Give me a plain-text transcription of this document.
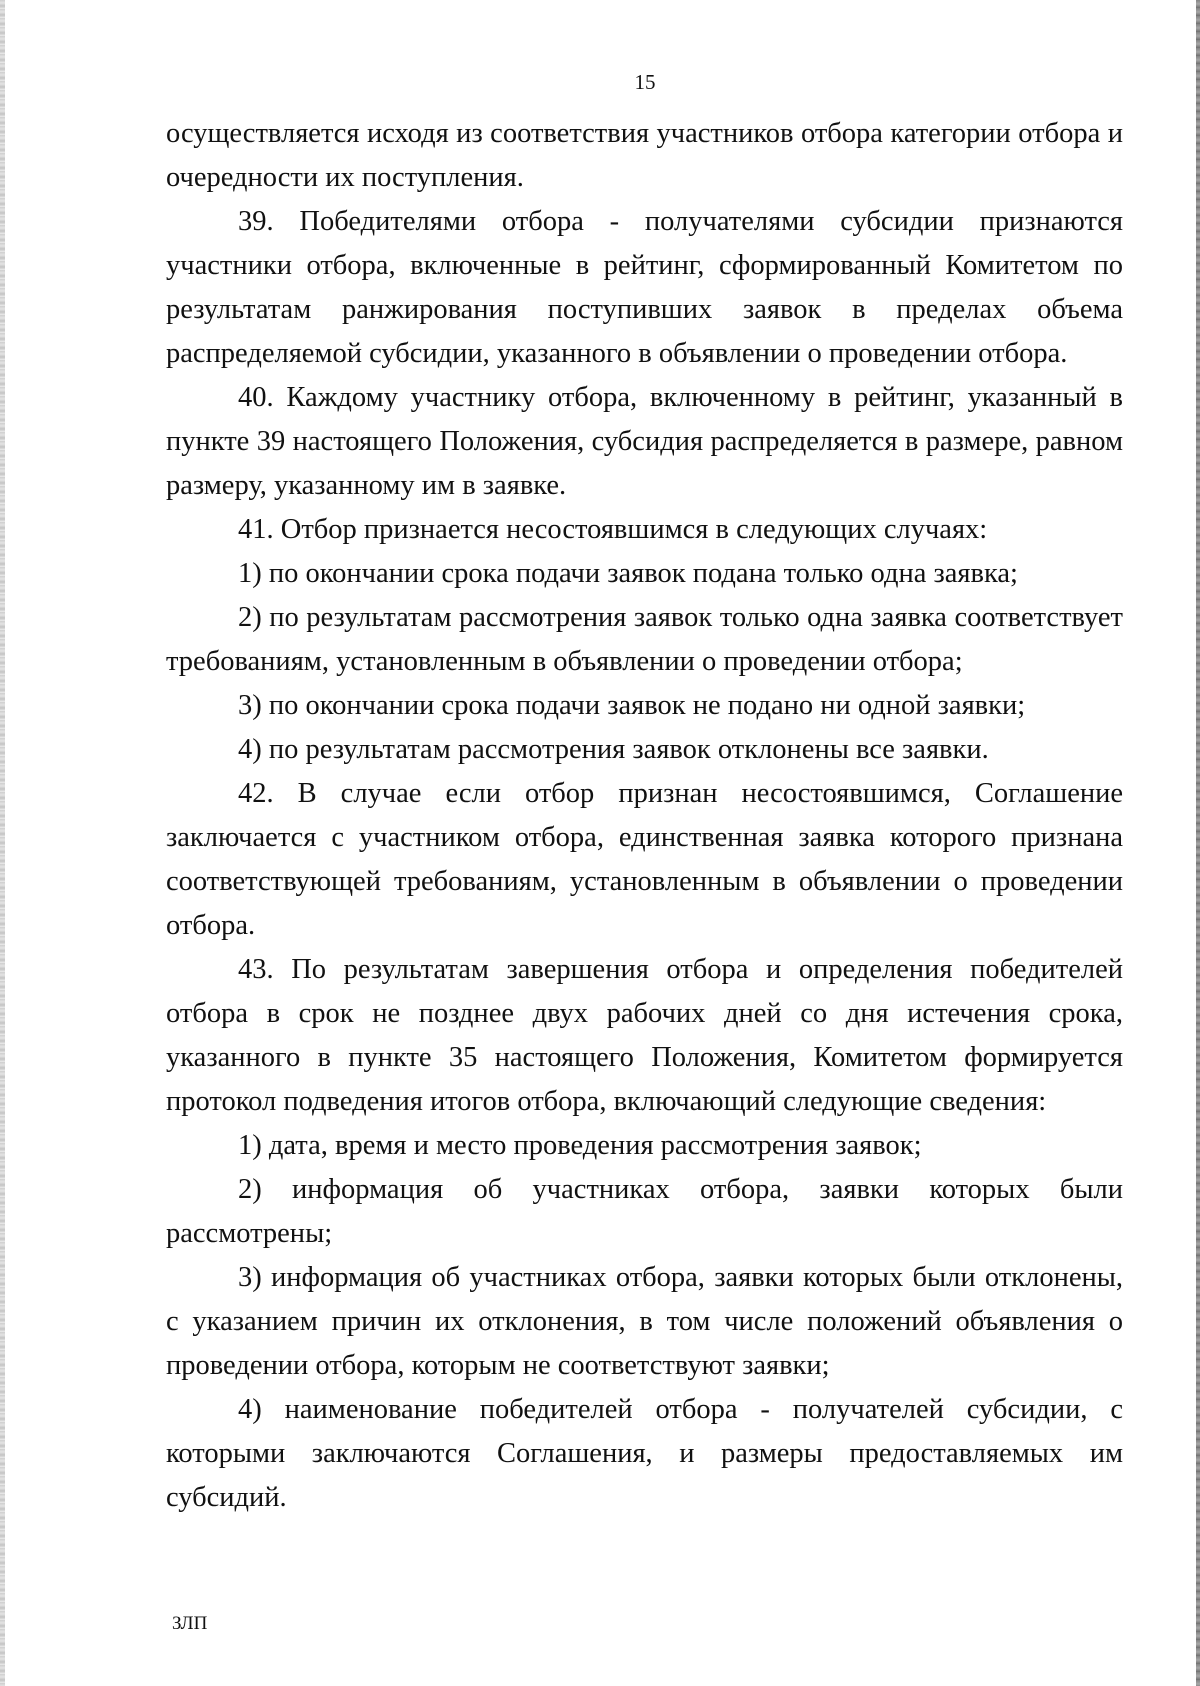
15

осуществляется исходя из соответствия участников отбора категории отбора и очередности их поступления.

39. Победителями отбора - получателями субсидии признаются участники отбора, включенные в рейтинг, сформированный Комитетом по результатам ранжирования поступивших заявок в пределах объема распределяемой субсидии, указанного в объявлении о проведении отбора.

40. Каждому участнику отбора, включенному в рейтинг, указанный в пункте 39 настоящего Положения, субсидия распределяется в размере, равном размеру, указанному им в заявке.

41. Отбор признается несостоявшимся в следующих случаях:

1) по окончании срока подачи заявок подана только одна заявка;

2) по результатам рассмотрения заявок только одна заявка соответствует требованиям, установленным в объявлении о проведении отбора;

3) по окончании срока подачи заявок не подано ни одной заявки;

4) по результатам рассмотрения заявок отклонены все заявки.

42. В случае если отбор признан несостоявшимся, Соглашение заключается с участником отбора, единственная заявка которого признана соответствующей требованиям, установленным в объявлении о проведении отбора.

43. По результатам завершения отбора и определения победителей отбора в срок не позднее двух рабочих дней со дня истечения срока, указанного в пункте 35 настоящего Положения, Комитетом формируется протокол подведения итогов отбора, включающий следующие сведения:

1) дата, время и место проведения рассмотрения заявок;

2) информация об участниках отбора, заявки которых были рассмотрены;

3) информация об участниках отбора, заявки которых были отклонены, с указанием причин их отклонения, в том числе положений объявления о проведении отбора, которым не соответствуют заявки;

4) наименование победителей отбора - получателей субсидии, с которыми заключаются Соглашения, и размеры предоставляемых им субсидий.

ЗЛП
